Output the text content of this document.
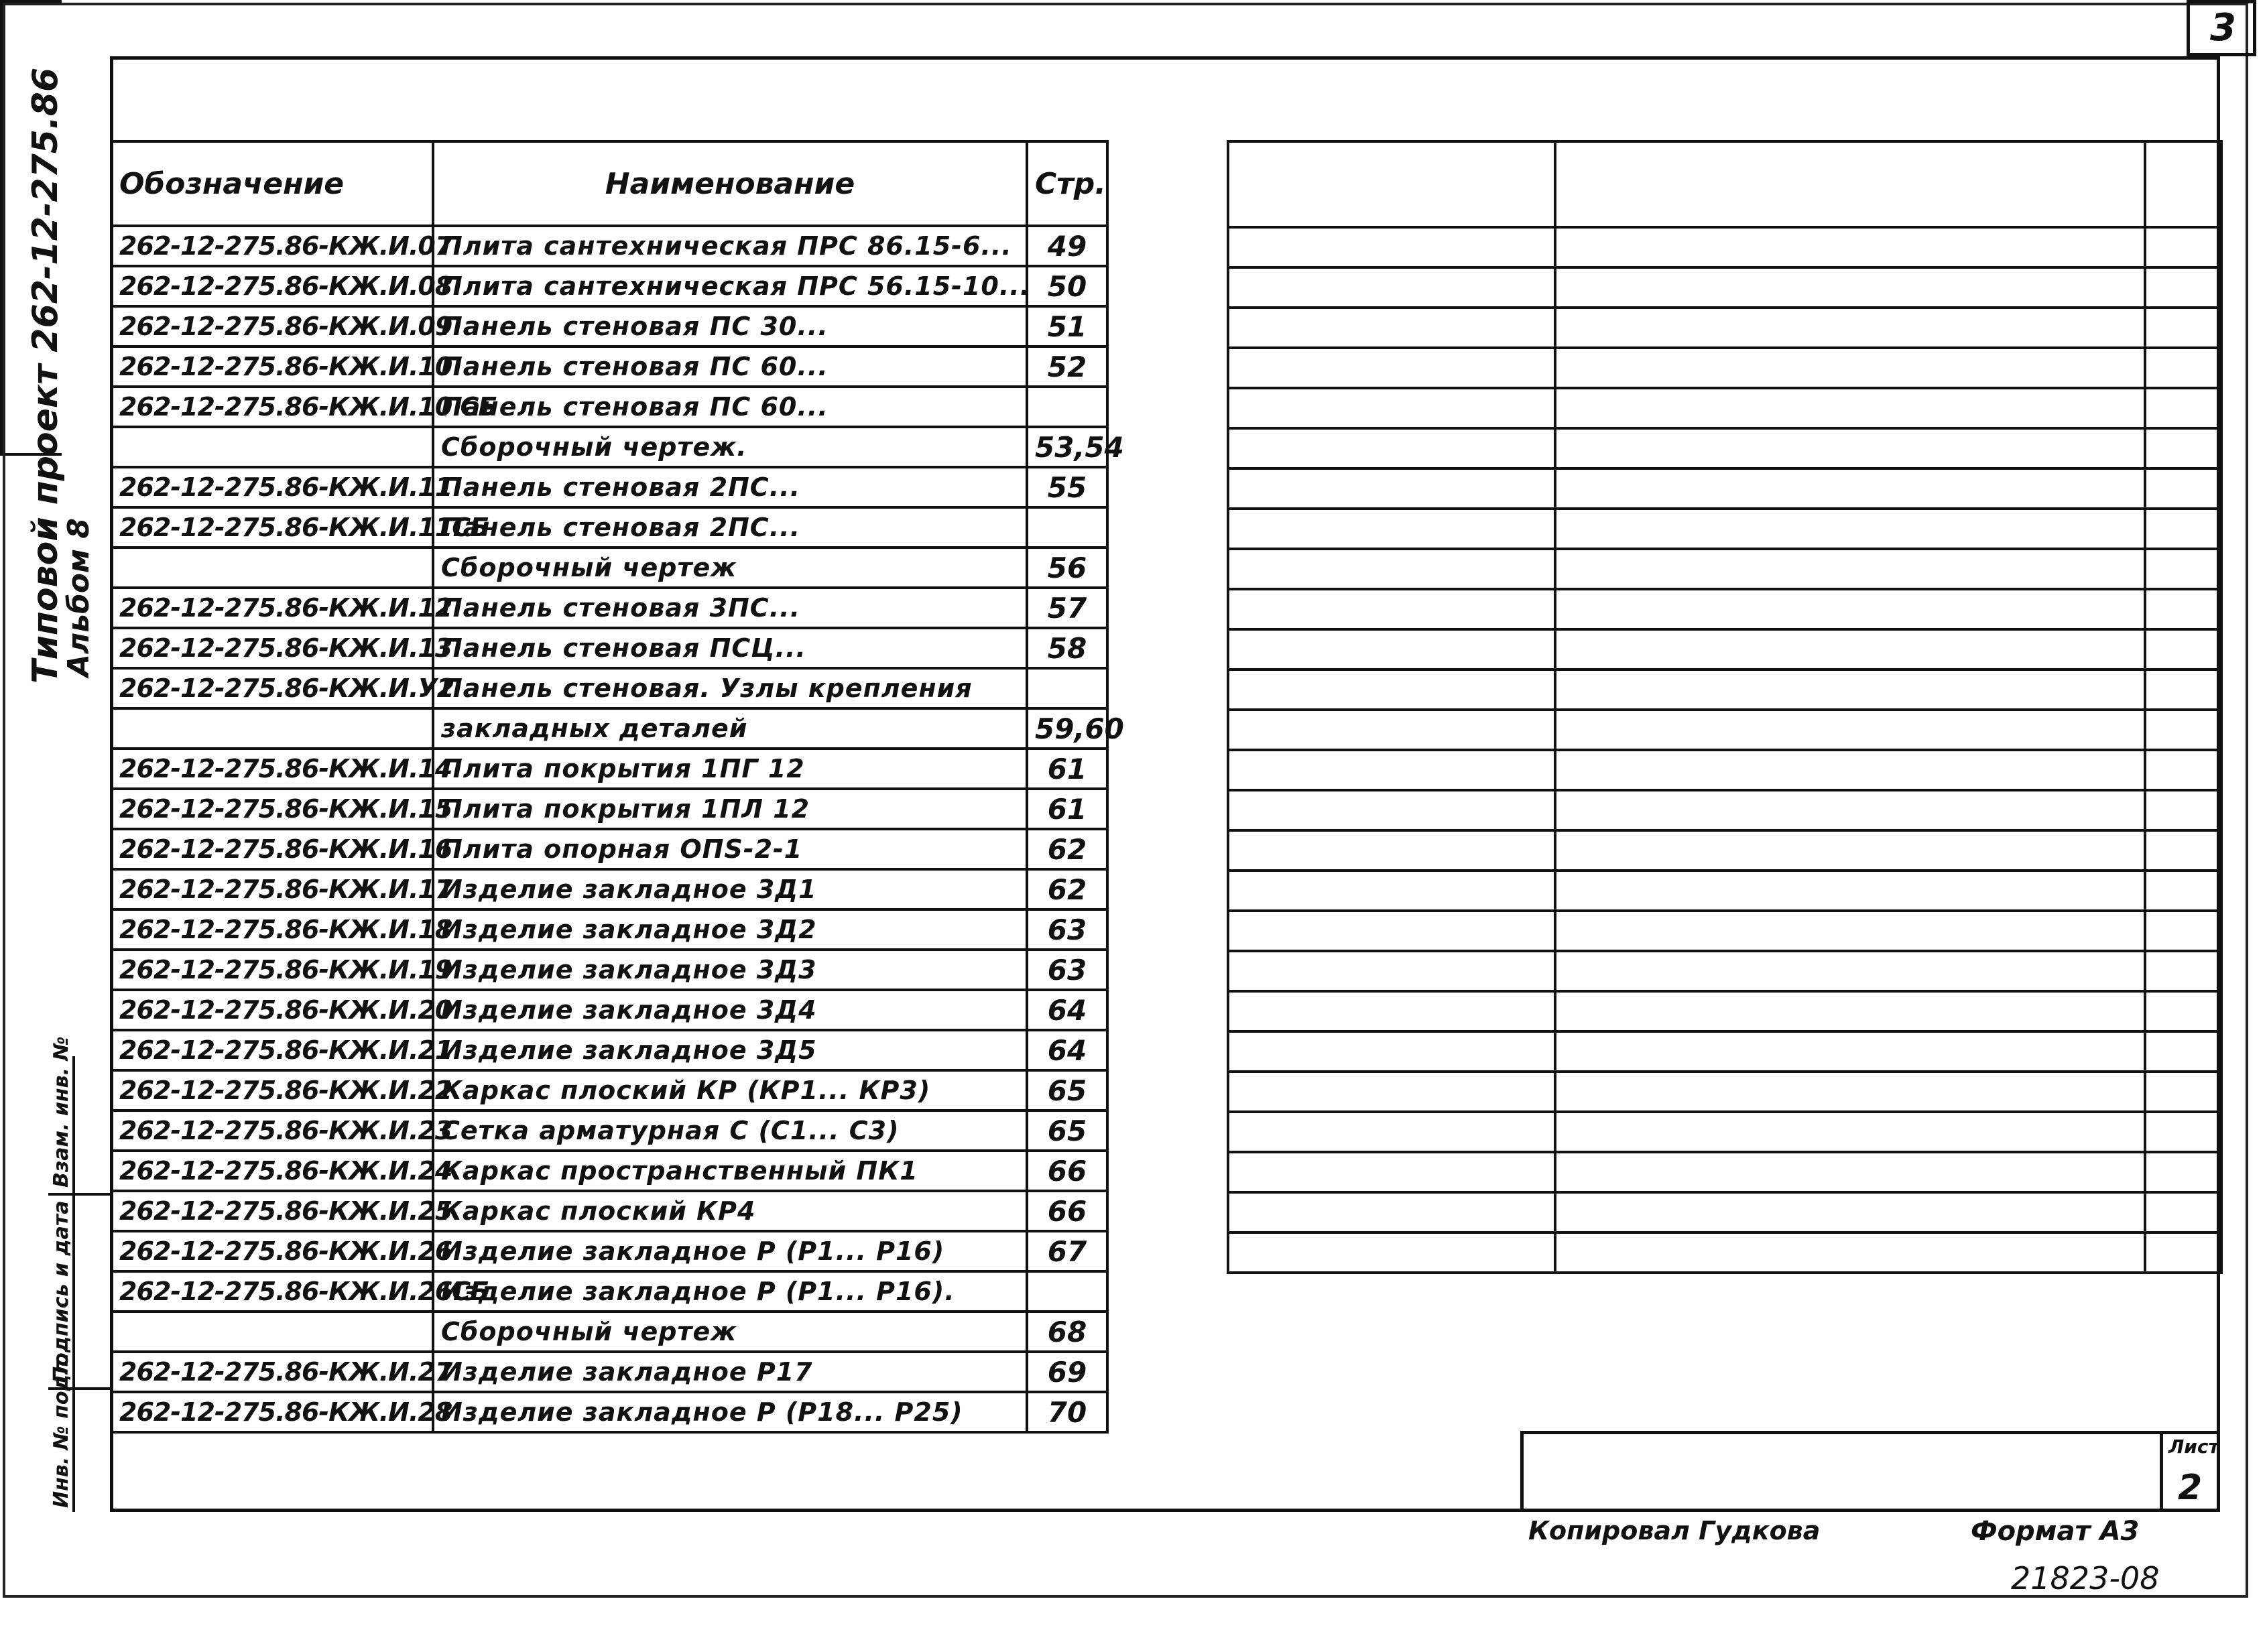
3
Типовой проект 262-12-275.86
Альбом 8
Взам. инв. №
Подпись и дата
Инв. № подл.
Обозначение	Наименование	Стр.
262-12-275.86-КЖ.И.07	Плита сантехническая ПРС 86.15-6...	49
262-12-275.86-КЖ.И.08	Плита сантехническая ПРС 56.15-10...	50
262-12-275.86-КЖ.И.09	Панель стеновая ПС 30...	51
262-12-275.86-КЖ.И.10	Панель стеновая ПС 60...	52
262-12-275.86-КЖ.И.10 СБ	Панель стеновая ПС 60...	
	Сборочный чертеж.	53,54
262-12-275.86-КЖ.И.11	Панель стеновая 2ПС...	55
262-12-275.86-КЖ.И.11СБ	Панель стеновая 2ПС...	
	Сборочный чертеж	56
262-12-275.86-КЖ.И.12	Панель стеновая 3ПС...	57
262-12-275.86-КЖ.И.13	Панель стеновая ПСЦ...	58
262-12-275.86-КЖ.И.У2	Панель стеновая. Узлы крепления	
	закладных деталей	59,60
262-12-275.86-КЖ.И.14	Плита покрытия 1ПГ 12	61
262-12-275.86-КЖ.И.15	Плита покрытия 1ПЛ 12	61
262-12-275.86-КЖ.И.16	Плита опорная ОПS-2-1	62
262-12-275.86-КЖ.И.17	Изделие закладное 3Д1	62
262-12-275.86-КЖ.И.18	Изделие закладное 3Д2	63
262-12-275.86-КЖ.И.19	Изделие закладное 3Д3	63
262-12-275.86-КЖ.И.20	Изделие закладное 3Д4	64
262-12-275.86-КЖ.И.21	Изделие закладное 3Д5	64
262-12-275.86-КЖ.И.22	Каркас плоский КР (КР1... КР3)	65
262-12-275.86-КЖ.И.23	Сетка арматурная С (С1... С3)	65
262-12-275.86-КЖ.И.24	Каркас пространственный ПК1	66
262-12-275.86-КЖ.И.25	Каркас плоский КР4	66
262-12-275.86-КЖ.И.26	Изделие закладное Р (Р1... Р16)	67
262-12-275.86-КЖ.И.26СБ	Изделие закладное Р (Р1... Р16).	
	Сборочный чертеж	68
262-12-275.86-КЖ.И.27	Изделие закладное Р17	69
262-12-275.86-КЖ.И.28	Изделие закладное Р (Р18... Р25)	70

Лист
2
Копировал Гудкова	Формат А3
21823-08
